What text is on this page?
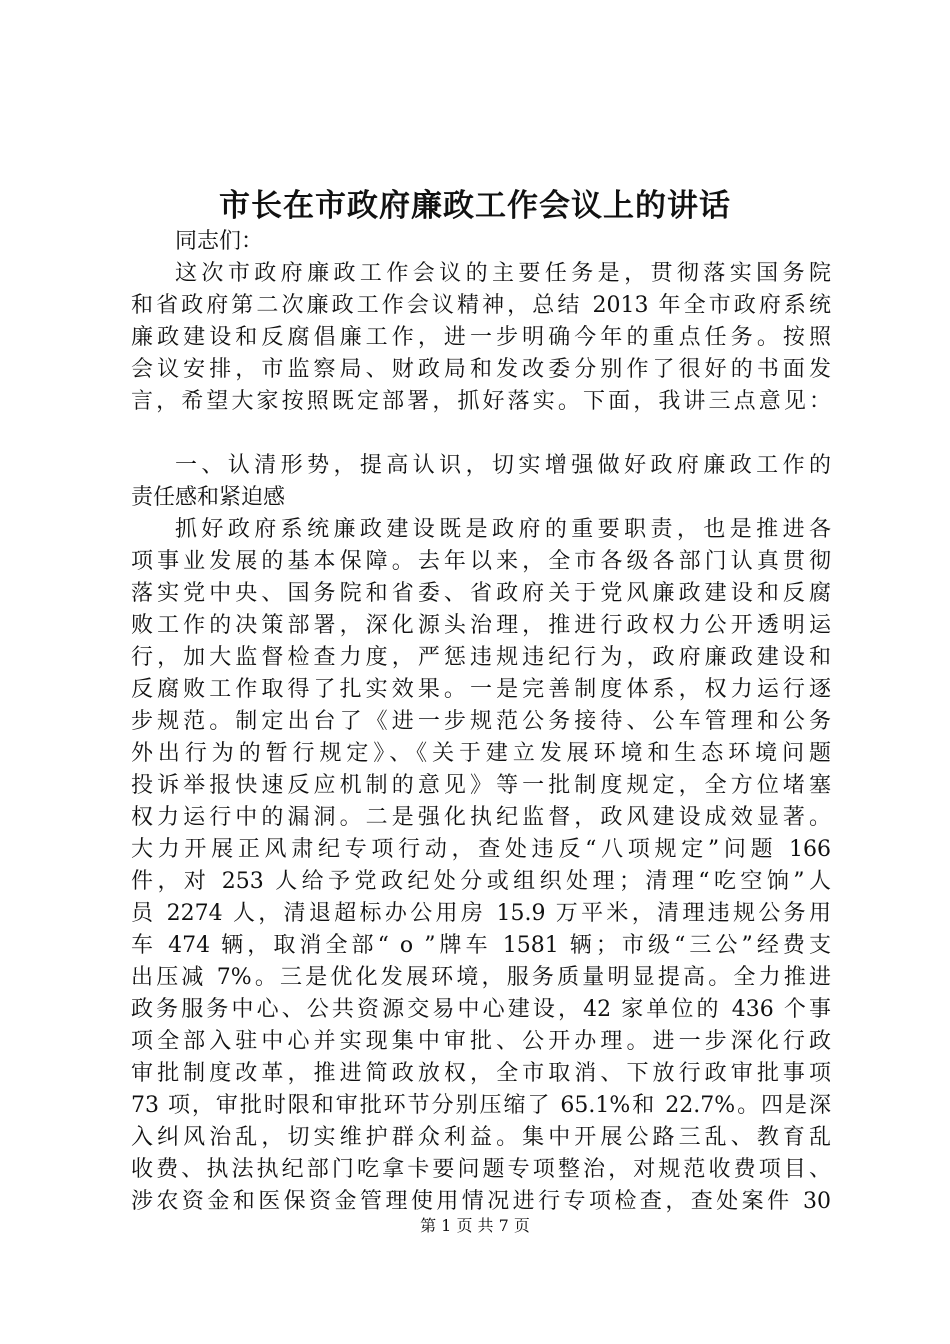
市长在市政府廉政工作会议上的讲话
同志们：
这次市政府廉政工作会议的主要任务是，贯彻落实国务院
和省政府第二次廉政工作会议精神，总结 2013 年全市政府系统
廉政建设和反腐倡廉工作，进一步明确今年的重点任务。按照
会议安排，市监察局、财政局和发改委分别作了很好的书面发
言，希望大家按照既定部署，抓好落实。下面，我讲三点意见：
一、认清形势，提高认识，切实增强做好政府廉政工作的
责任感和紧迫感
抓好政府系统廉政建设既是政府的重要职责，也是推进各
项事业发展的基本保障。去年以来，全市各级各部门认真贯彻
落实党中央、国务院和省委、省政府关于党风廉政建设和反腐
败工作的决策部署，深化源头治理，推进行政权力公开透明运
行，加大监督检查力度，严惩违规违纪行为，政府廉政建设和
反腐败工作取得了扎实效果。一是完善制度体系，权力运行逐
步规范。制定出台了《进一步规范公务接待、公车管理和公务
外出行为的暂行规定》、《关于建立发展环境和生态环境问题
投诉举报快速反应机制的意见》等一批制度规定，全方位堵塞
权力运行中的漏洞。二是强化执纪监督，政风建设成效显著。
大力开展正风肃纪专项行动，查处违反“八项规定”问题 166
件，对 253 人给予党政纪处分或组织处理；清理“吃空饷”人
员 2274 人，清退超标办公用房 15.9 万平米，清理违规公务用
车 474 辆，取消全部“ o ”牌车 1581 辆；市级“三公”经费支
出压减 7%。三是优化发展环境，服务质量明显提高。全力推进
政务服务中心、公共资源交易中心建设，42 家单位的 436 个事
项全部入驻中心并实现集中审批、公开办理。进一步深化行政
审批制度改革，推进简政放权，全市取消、下放行政审批事项
73 项，审批时限和审批环节分别压缩了 65.1%和 22.7%。四是深
入纠风治乱，切实维护群众利益。集中开展公路三乱、教育乱
收费、执法执纪部门吃拿卡要问题专项整治，对规范收费项目、
涉农资金和医保资金管理使用情况进行专项检查，查处案件 30
第 1 页 共 7 页
